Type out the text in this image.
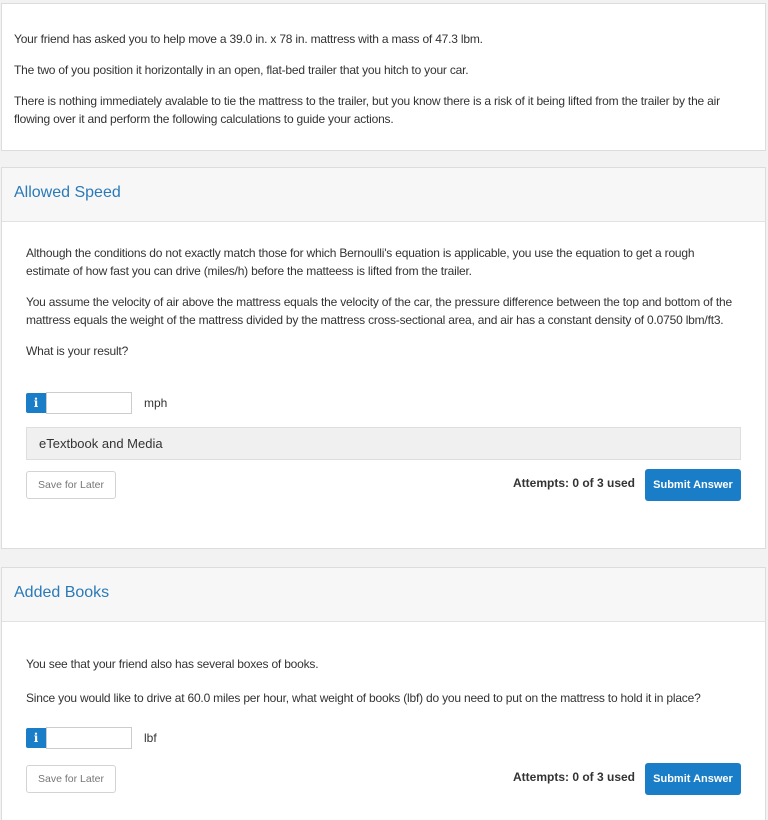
Your friend has asked you to help move a 39.0 in. x 78 in. mattress with a mass of 47.3 lbm.

The two of you position it horizontally in an open, flat-bed trailer that you hitch to your car.

There is nothing immediately avalable to tie the mattress to the trailer, but you know there is a risk of it being lifted from the trailer by the air flowing over it and perform the following calculations to guide your actions.

Allowed Speed

Although the conditions do not exactly match those for which Bernoulli's equation is applicable, you use the equation to get a rough estimate of how fast you can drive (miles/h) before the matteess is lifted from the trailer.

You assume the velocity of air above the mattress equals the velocity of the car, the pressure difference between the top and bottom of the mattress equals the weight of the mattress divided by the mattress cross-sectional area, and air has a constant density of 0.0750 lbm/ft3.

What is your result?

i	mph
eTextbook and Media
Save for Later	Attempts: 0 of 3 used	Submit Answer
Added Books

You see that your friend also has several boxes of books.

Since you would like to drive at 60.0 miles per hour, what weight of books (lbf) do you need to put on the mattress to hold it in place?

i	lbf
Save for Later	Attempts: 0 of 3 used	Submit Answer
